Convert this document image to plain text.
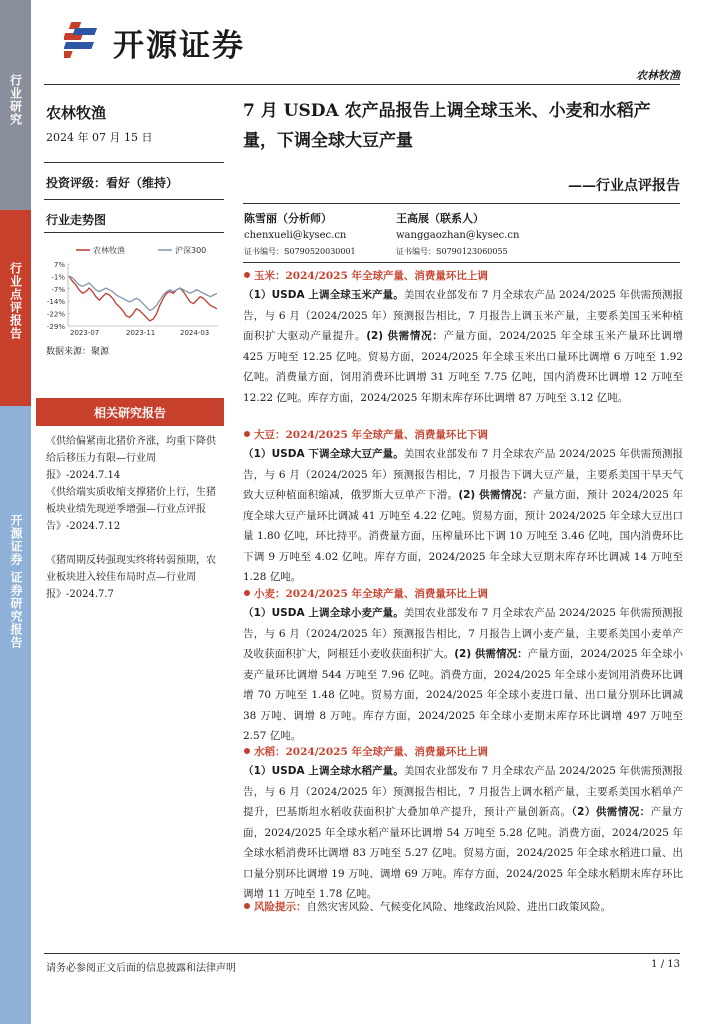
行业研究
行业点评报告
开源证券 证券研究报告
开源证券
农林牧渔
农林牧渔
2024 年 07 月 15 日
投资评级：看好（维持）
行业走势图
农林牧渔	沪深300
7%
-1%
-7%
-14%
-22%
-29%
2023-07	2023-11	2024-03
数据来源：聚源
相关研究报告
《供给偏紧南北猪价齐涨，均重下降供给后移压力有限—行业周报》-2024.7.14
《供给端实质收缩支撑猪价上行，生猪板块业绩先现逆季增强—行业点评报告》-2024.7.12
《猪周期反转强现实终将转弱预期，农业板块进入较佳布局时点—行业周报》-2024.7.7
7 月 USDA 农产品报告上调全球玉米、小麦和水稻产量，下调全球大豆产量
——行业点评报告
陈雪丽（分析师）
chenxueli@kysec.cn
证书编号：S0790520030001
王高展（联系人）
wanggaozhan@kysec.cn
证书编号：S0790123060055
玉米：2024/2025 年全球产量、消费量环比上调
（1）USDA 上调全球玉米产量。美国农业部发布 7 月全球农产品 2024/2025 年供需预测报告，与 6 月（2024/2025 年）预测报告相比，7 月报告上调玉米产量，主要系美国玉米种植面积扩大驱动产量提升。(2) 供需情况：产量方面，2024/2025 年全球玉米产量环比调增 425 万吨至 12.25 亿吨。贸易方面，2024/2025 年全球玉米出口量环比调增 6 万吨至 1.92 亿吨。消费量方面，饲用消费环比调增 31 万吨至 7.75 亿吨，国内消费环比调增 12 万吨至 12.22 亿吨。库存方面，2024/2025 年期末库存环比调增 87 万吨至 3.12 亿吨。
大豆：2024/2025 年全球产量、消费量环比下调
（1）USDA 下调全球大豆产量。美国农业部发布 7 月全球农产品 2024/2025 年供需预测报告，与 6 月（2024/2025 年）预测报告相比，7 月报告下调大豆产量，主要系美国干旱天气致大豆种植面积缩减，俄罗斯大豆单产下滑。(2) 供需情况：产量方面，预计 2024/2025 年度全球大豆产量环比调减 41 万吨至 4.22 亿吨。贸易方面，预计 2024/2025 年全球大豆出口量 1.80 亿吨，环比持平。消费量方面，压榨量环比下调 10 万吨至 3.46 亿吨，国内消费环比下调 9 万吨至 4.02 亿吨。库存方面，2024/2025 年全球大豆期末库存环比调减 14 万吨至 1.28 亿吨。
小麦：2024/2025 年全球产量、消费量环比上调
（1）USDA 上调全球小麦产量。美国农业部发布 7 月全球农产品 2024/2025 年供需预测报告，与 6 月（2024/2025 年）预测报告相比，7 月报告上调小麦产量，主要系美国小麦单产及收获面积扩大，阿根廷小麦收获面积扩大。(2) 供需情况：产量方面，2024/2025 年全球小麦产量环比调增 544 万吨至 7.96 亿吨。消费方面，2024/2025 年全球小麦饲用消费环比调增 70 万吨至 1.48 亿吨。贸易方面，2024/2025 年全球小麦进口量、出口量分别环比调减 38 万吨、调增 8 万吨。库存方面，2024/2025 年全球小麦期末库存环比调增 497 万吨至 2.57 亿吨。
水稻：2024/2025 年全球产量、消费量环比上调
（1）USDA 上调全球水稻产量。美国农业部发布 7 月全球农产品 2024/2025 年供需预测报告，与 6 月（2024/2025 年）预测报告相比，7 月报告上调水稻产量，主要系美国水稻单产提升，巴基斯坦水稻收获面积扩大叠加单产提升，预计产量创新高。（2）供需情况：产量方面，2024/2025 年全球水稻产量环比调增 54 万吨至 5.28 亿吨。消费方面，2024/2025 年全球水稻消费环比调增 83 万吨至 5.27 亿吨。贸易方面，2024/2025 年全球水稻进口量、出口量分别环比调增 19 万吨、调增 69 万吨。库存方面，2024/2025 年全球水稻期末库存环比调增 11 万吨至 1.78 亿吨。
风险提示：自然灾害风险、气候变化风险、地缘政治风险、进出口政策风险。
请务必参阅正文后面的信息披露和法律声明	1 / 13
